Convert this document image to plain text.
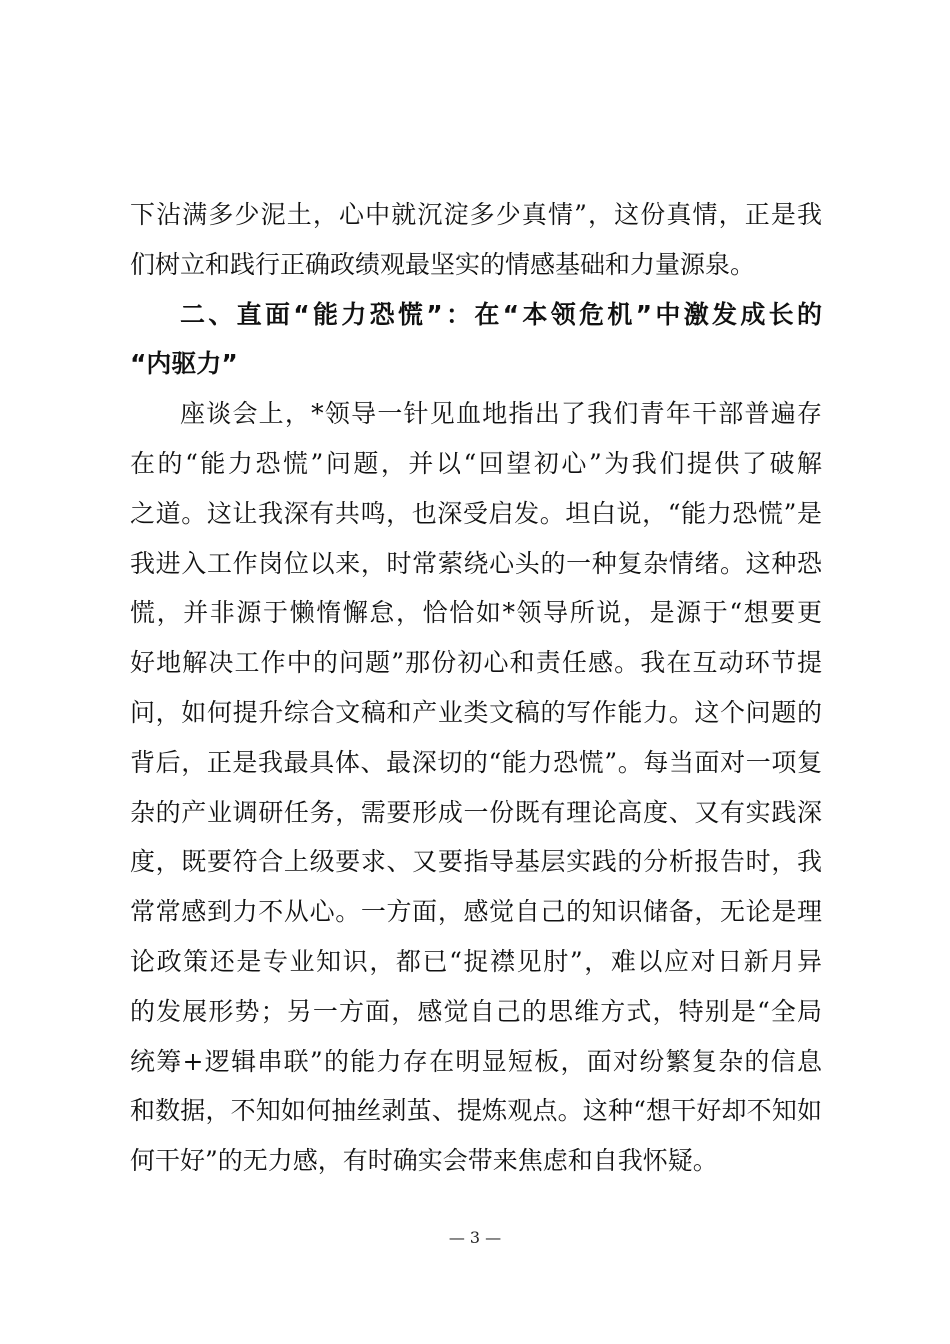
下沾满多少泥土，心中就沉淀多少真情”，这份真情，正是我
们树立和践行正确政绩观最坚实的情感基础和力量源泉。
二、直面“能力恐慌”：在“本领危机”中激发成长的
“内驱力”
座谈会上，*领导一针见血地指出了我们青年干部普遍存
在的“能力恐慌”问题，并以“回望初心”为我们提供了破解
之道。这让我深有共鸣，也深受启发。坦白说，“能力恐慌”是
我进入工作岗位以来，时常萦绕心头的一种复杂情绪。这种恐
慌，并非源于懒惰懈怠，恰恰如*领导所说，是源于“想要更
好地解决工作中的问题”那份初心和责任感。我在互动环节提
问，如何提升综合文稿和产业类文稿的写作能力。这个问题的
背后，正是我最具体、最深切的“能力恐慌”。每当面对一项复
杂的产业调研任务，需要形成一份既有理论高度、又有实践深
度，既要符合上级要求、又要指导基层实践的分析报告时，我
常常感到力不从心。一方面，感觉自己的知识储备，无论是理
论政策还是专业知识，都已“捉襟见肘”，难以应对日新月异
的发展形势；另一方面，感觉自己的思维方式，特别是“全局
统筹+逻辑串联”的能力存在明显短板，面对纷繁复杂的信息
和数据，不知如何抽丝剥茧、提炼观点。这种“想干好却不知如
何干好”的无力感，有时确实会带来焦虑和自我怀疑。
— 3 —
